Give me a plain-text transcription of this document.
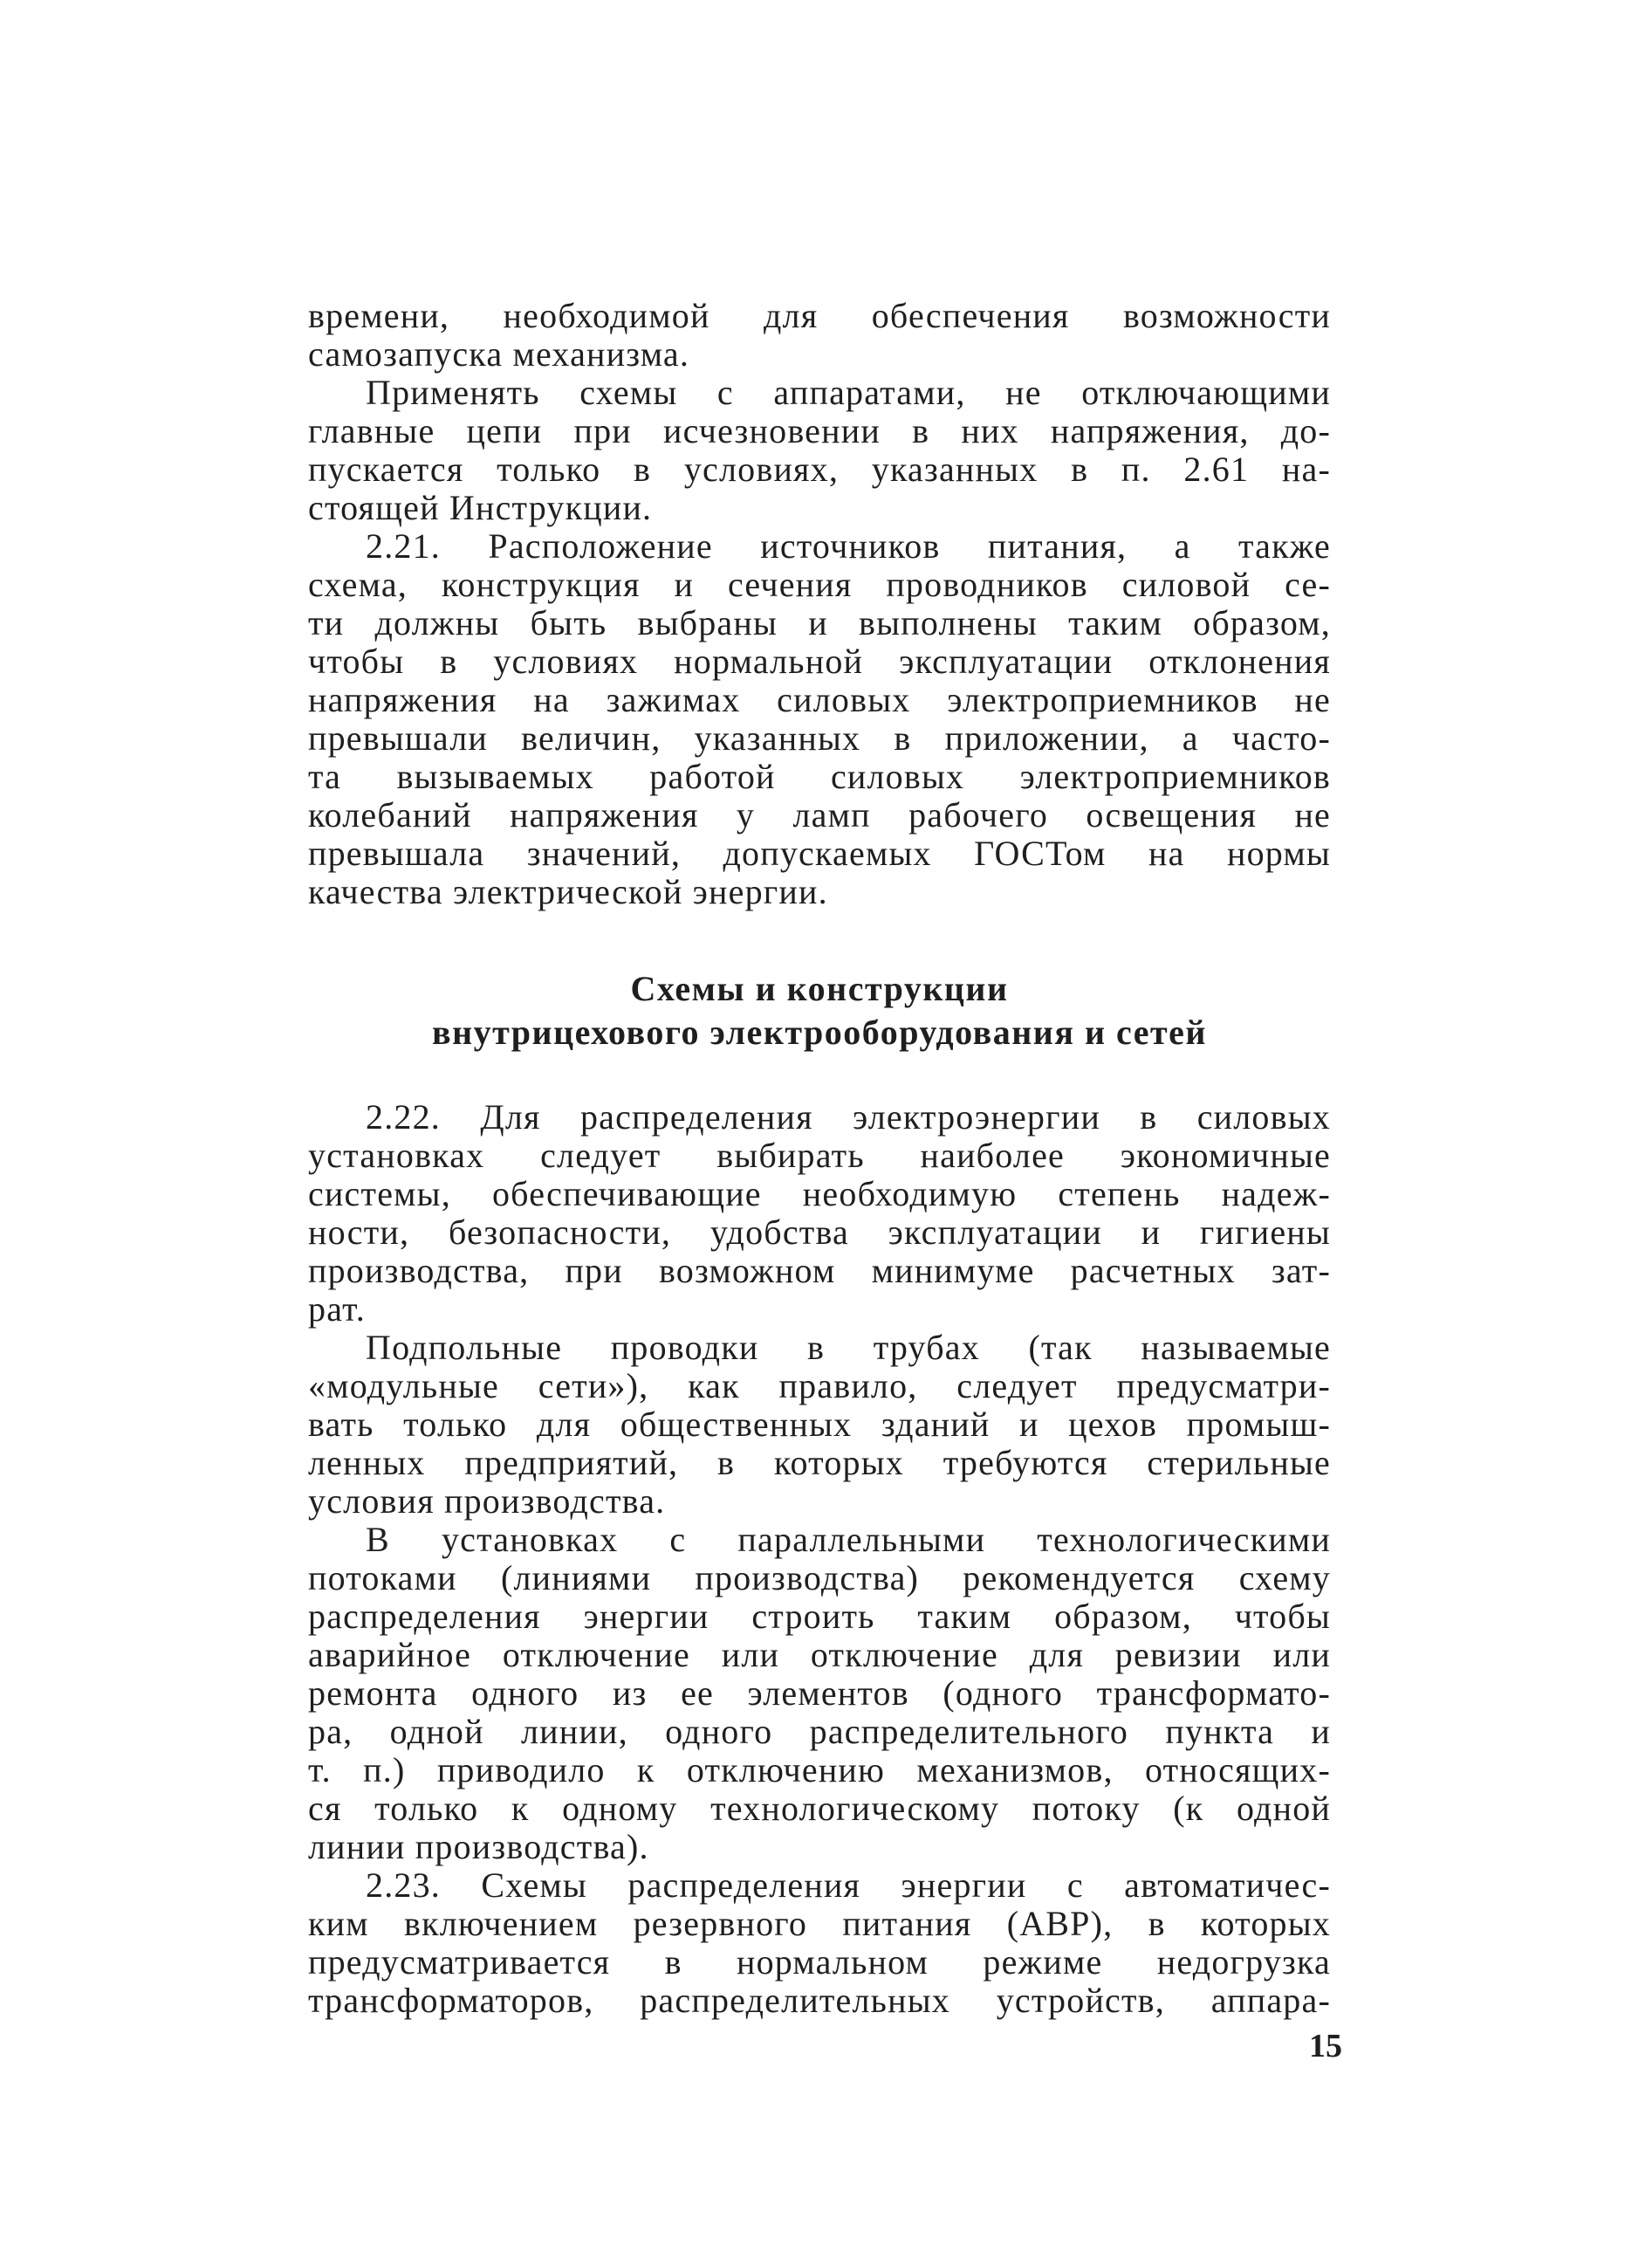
времени, необходимой для обеспечения возможности
самозапуска механизма.
Применять схемы с аппаратами, не отключающими
главные цепи при исчезновении в них напряжения, до-
пускается только в условиях, указанных в п. 2.61 на-
стоящей Инструкции.
2.21. Расположение источников питания, а также
схема, конструкция и сечения проводников силовой се-
ти должны быть выбраны и выполнены таким образом,
чтобы в условиях нормальной эксплуатации отклонения
напряжения на зажимах силовых электроприемников не
превышали величин, указанных в приложении, а часто-
та вызываемых работой силовых электроприемников
колебаний напряжения у ламп рабочего освещения не
превышала значений, допускаемых ГОСТом на нормы
качества электрической энергии.
Схемы и конструкции
внутрицехового электрооборудования и сетей
2.22. Для распределения электроэнергии в силовых
установках следует выбирать наиболее экономичные
системы, обеспечивающие необходимую степень надеж-
ности, безопасности, удобства эксплуатации и гигиены
производства, при возможном минимуме расчетных зат-
рат.
Подпольные проводки в трубах (так называемые
«модульные сети»), как правило, следует предусматри-
вать только для общественных зданий и цехов промыш-
ленных предприятий, в которых требуются стерильные
условия производства.
В установках с параллельными технологическими
потоками (линиями производства) рекомендуется схему
распределения энергии строить таким образом, чтобы
аварийное отключение или отключение для ревизии или
ремонта одного из ее элементов (одного трансформато-
ра, одной линии, одного распределительного пункта и
т. п.) приводило к отключению механизмов, относящих-
ся только к одному технологическому потоку (к одной
линии производства).
2.23. Схемы распределения энергии с автоматичес-
ким включением резервного питания (АВР), в которых
предусматривается в нормальном режиме недогрузка
трансформаторов, распределительных устройств, аппара-
15
